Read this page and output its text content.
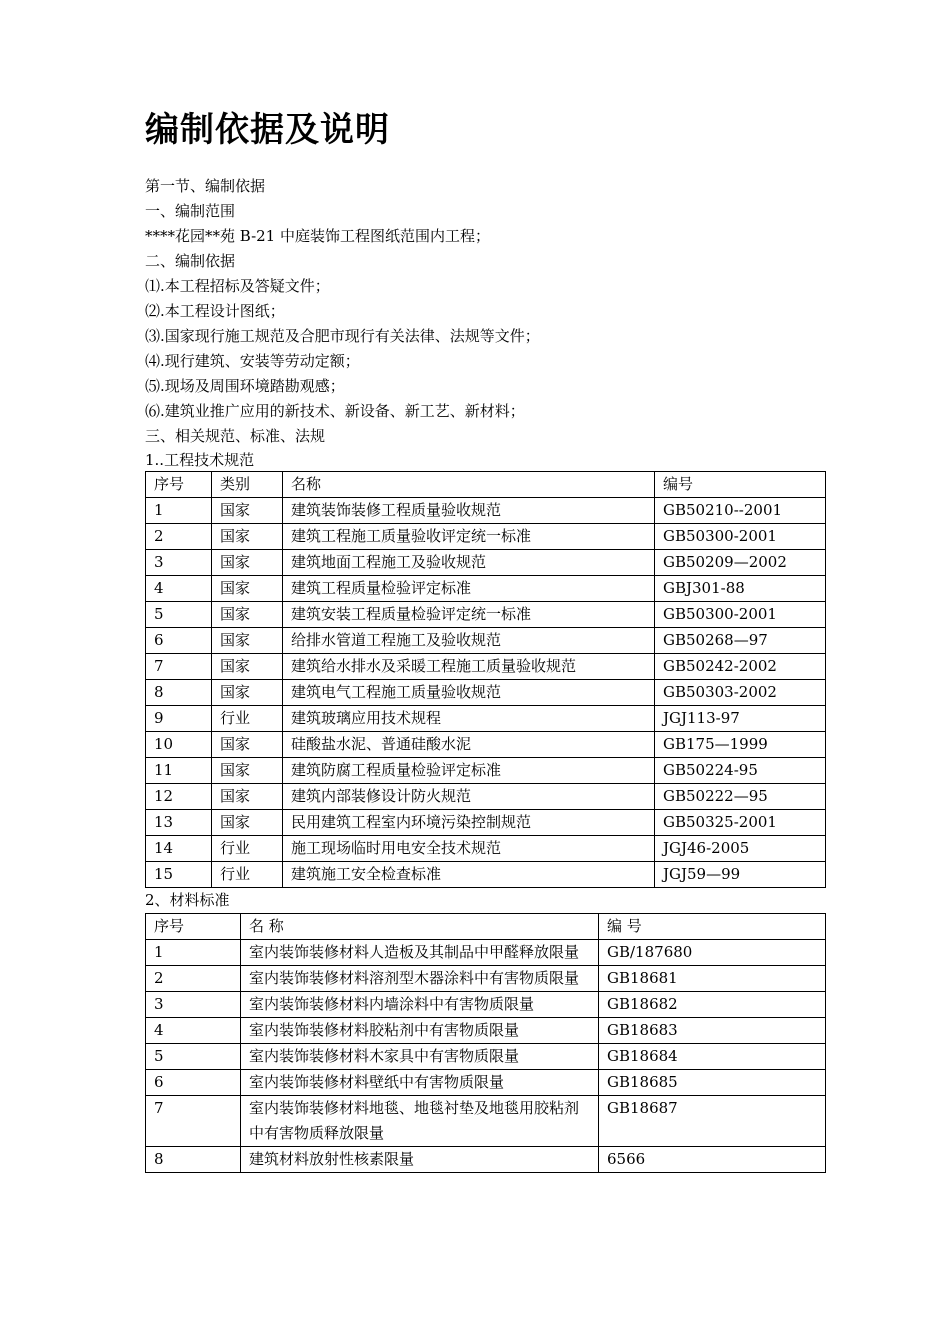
编制依据及说明
第一节、编制依据
一、编制范围
****花园**苑 B-21 中庭装饰工程图纸范围内工程；
二、编制依据
⑴.本工程招标及答疑文件；
⑵.本工程设计图纸；
⑶.国家现行施工规范及合肥市现行有关法律、法规等文件；
⑷.现行建筑、安装等劳动定额；
⑸.现场及周围环境踏勘观感；
⑹.建筑业推广应用的新技术、新设备、新工艺、新材料；
三、相关规范、标准、法规
1..工程技术规范
序号	类别	名称	编号
1	国家	建筑装饰装修工程质量验收规范	GB50210--2001
2	国家	建筑工程施工质量验收评定统一标准	GB50300-2001
3	国家	建筑地面工程施工及验收规范	GB50209—2002
4	国家	建筑工程质量检验评定标准	GBJ301-88
5	国家	建筑安装工程质量检验评定统一标准	GB50300-2001
6	国家	给排水管道工程施工及验收规范	GB50268—97
7	国家	建筑给水排水及采暖工程施工质量验收规范	GB50242-2002
8	国家	建筑电气工程施工质量验收规范	GB50303-2002
9	行业	建筑玻璃应用技术规程	JGJ113-97
10	国家	硅酸盐水泥、普通硅酸水泥	GB175—1999
11	国家	建筑防腐工程质量检验评定标准	GB50224-95
12	国家	建筑内部装修设计防火规范	GB50222—95
13	国家	民用建筑工程室内环境污染控制规范	GB50325-2001
14	行业	施工现场临时用电安全技术规范	JGJ46-2005
15	行业	建筑施工安全检查标准	JGJ59—99
2、材料标准
序号	名 称	编 号
1	室内装饰装修材料人造板及其制品中甲醛释放限量	GB/187680
2	室内装饰装修材料溶剂型木器涂料中有害物质限量	GB18681
3	室内装饰装修材料内墙涂料中有害物质限量	GB18682
4	室内装饰装修材料胶粘剂中有害物质限量	GB18683
5	室内装饰装修材料木家具中有害物质限量	GB18684
6	室内装饰装修材料壁纸中有害物质限量	GB18685
7	室内装饰装修材料地毯、地毯衬垫及地毯用胶粘剂中有害物质释放限量	GB18687
8	建筑材料放射性核素限量	6566
